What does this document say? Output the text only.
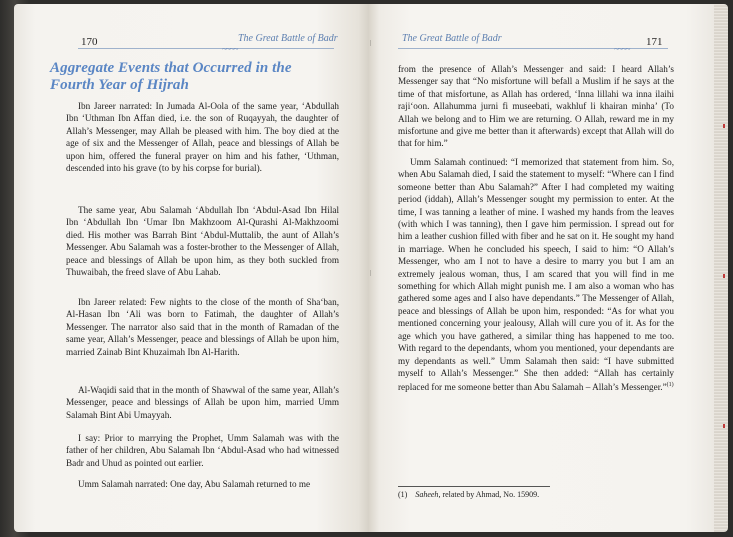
170	The Great Battle of Badr
~~~~
Aggregate Events that Occurred in the Fourth Year of Hijrah

Ibn Jareer narrated: In Jumada Al-Oola of the same year, ‘Abdullah Ibn ‘Uthman Ibn Affan died, i.e. the son of Ruqayyah, the daughter of Allah’s Messenger, may Allah be pleased with him. The boy died at the age of six and the Messenger of Allah, peace and blessings of Allah be upon him, offered the funeral prayer on him and his father, ‘Uthman, descended into his grave (to by his corpse for burial).

The same year, Abu Salamah ‘Abdullah Ibn ‘Abdul-Asad Ibn Hilal Ibn ‘Abdullah Ibn ‘Umar Ibn Makhzoom Al-Qurashi Al-Makhzoomi died. His mother was Barrah Bint ‘Abdul-Muttalib, the aunt of Allah’s Messenger. Abu Salamah was a foster-brother to the Messenger of Allah, peace and blessings of Allah be upon him, as they both suckled from Thuwaibah, the freed slave of Abu Lahab.

Ibn Jareer related: Few nights to the close of the month of Sha‘ban, Al-Hasan Ibn ‘Ali was born to Fatimah, the daughter of Allah’s Messenger. The narrator also said that in the month of Ramadan of the same year, Allah’s Messenger, peace and blessings of Allah be upon him, married Zainab Bint Khuzaimah Ibn Al-Harith.

Al-Waqidi said that in the month of Shawwal of the same year, Allah’s Messenger, peace and blessings of Allah be upon him, married Umm Salamah Bint Abi Umayyah.

I say: Prior to marrying the Prophet, Umm Salamah was with the father of her children, Abu Salamah Ibn ‘Abdul-Asad who had witnessed Badr and Uhud as pointed out earlier.

Umm Salamah narrated: One day, Abu Salamah returned to me

The Great Battle of Badr	171
~~~~

from the presence of Allah’s Messenger and said: I heard Allah’s Messenger say that “No misfortune will befall a Muslim if he says at the time of that misfortune, as Allah has ordered, ‘Inna lillahi wa inna ilaihi raji‘oon. Allahumma jurni fi museebati, wakhluf li khairan minha’ (To Allah we belong and to Him we are returning. O Allah, reward me in my misfortune and give me better than it afterwards) except that Allah will do that for him.”

Umm Salamah continued: “I memorized that statement from him. So, when Abu Salamah died, I said the statement to myself: “Where can I find someone better than Abu Salamah?” After I had completed my waiting period (iddah), Allah’s Messenger sought my permission to enter. At the time, I was tanning a leather of mine. I washed my hands from the leaves (with which I was tanning), then I gave him permission. I spread out for him a leather cushion filled with fiber and he sat on it. He sought my hand in marriage. When he concluded his speech, I said to him: “O Allah’s Messenger, who am I not to have a desire to marry you but I am an extremely jealous woman, thus, I am scared that you will find in me something for which Allah might punish me. I am also a woman who has gathered some ages and I also have dependants.” The Messenger of Allah, peace and blessings of Allah be upon him, responded: “As for what you mentioned concerning your jealousy, Allah will cure you of it. As for the age which you have gathered, a similar thing has happened to me too. With regard to the dependants, whom you mentioned, your dependants are my dependants as well.” Umm Salamah then said: “I have submitted myself to Allah’s Messenger.” She then added: “Allah has certainly replaced for me someone better than Abu Salamah – Allah’s Messenger.”$^{(1)}$

(1) Saheeh, related by Ahmad, No. 15909.
